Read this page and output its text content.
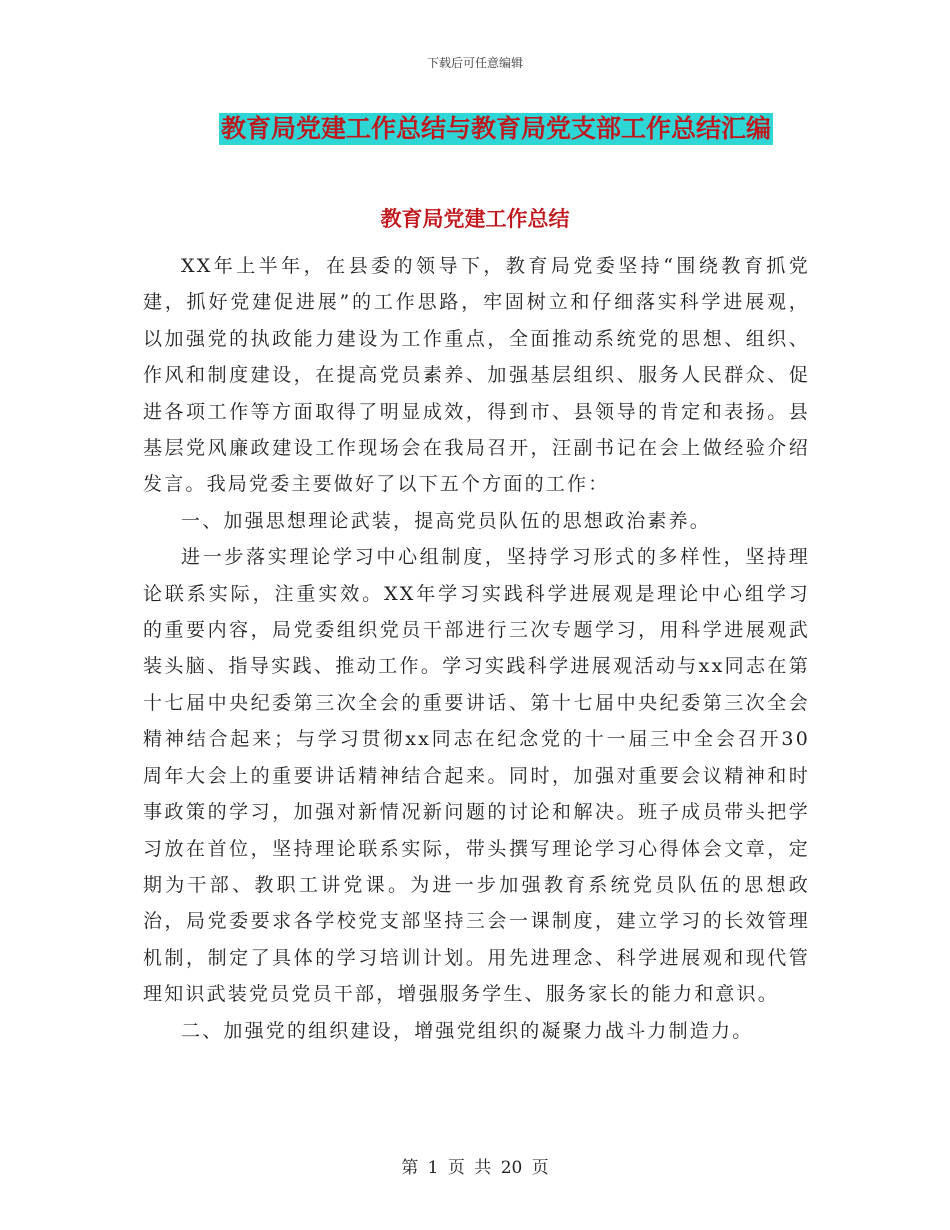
下载后可任意编辑
教育局党建工作总结与教育局党支部工作总结汇编
教育局党建工作总结

XX年上半年，在县委的领导下，教育局党委坚持“围绕教育抓党建，抓好党建促进展”的工作思路，牢固树立和仔细落实科学进展观，以加强党的执政能力建设为工作重点，全面推动系统党的思想、组织、作风和制度建设，在提高党员素养、加强基层组织、服务人民群众、促进各项工作等方面取得了明显成效，得到市、县领导的肯定和表扬。县基层党风廉政建设工作现场会在我局召开，汪副书记在会上做经验介绍发言。我局党委主要做好了以下五个方面的工作：

一、加强思想理论武装，提高党员队伍的思想政治素养。

进一步落实理论学习中心组制度，坚持学习形式的多样性，坚持理论联系实际，注重实效。XX年学习实践科学进展观是理论中心组学习的重要内容，局党委组织党员干部进行三次专题学习，用科学进展观武装头脑、指导实践、推动工作。学习实践科学进展观活动与xx同志在第十七届中央纪委第三次全会的重要讲话、第十七届中央纪委第三次全会精神结合起来；与学习贯彻xx同志在纪念党的十一届三中全会召开30周年大会上的重要讲话精神结合起来。同时，加强对重要会议精神和时事政策的学习，加强对新情况新问题的讨论和解决。班子成员带头把学习放在首位，坚持理论联系实际，带头撰写理论学习心得体会文章，定期为干部、教职工讲党课。为进一步加强教育系统党员队伍的思想政治，局党委要求各学校党支部坚持三会一课制度，建立学习的长效管理机制，制定了具体的学习培训计划。用先进理念、科学进展观和现代管理知识武装党员党员干部，增强服务学生、服务家长的能力和意识。

二、加强党的组织建设，增强党组织的凝聚力战斗力制造力。

第 1 页 共 20 页
